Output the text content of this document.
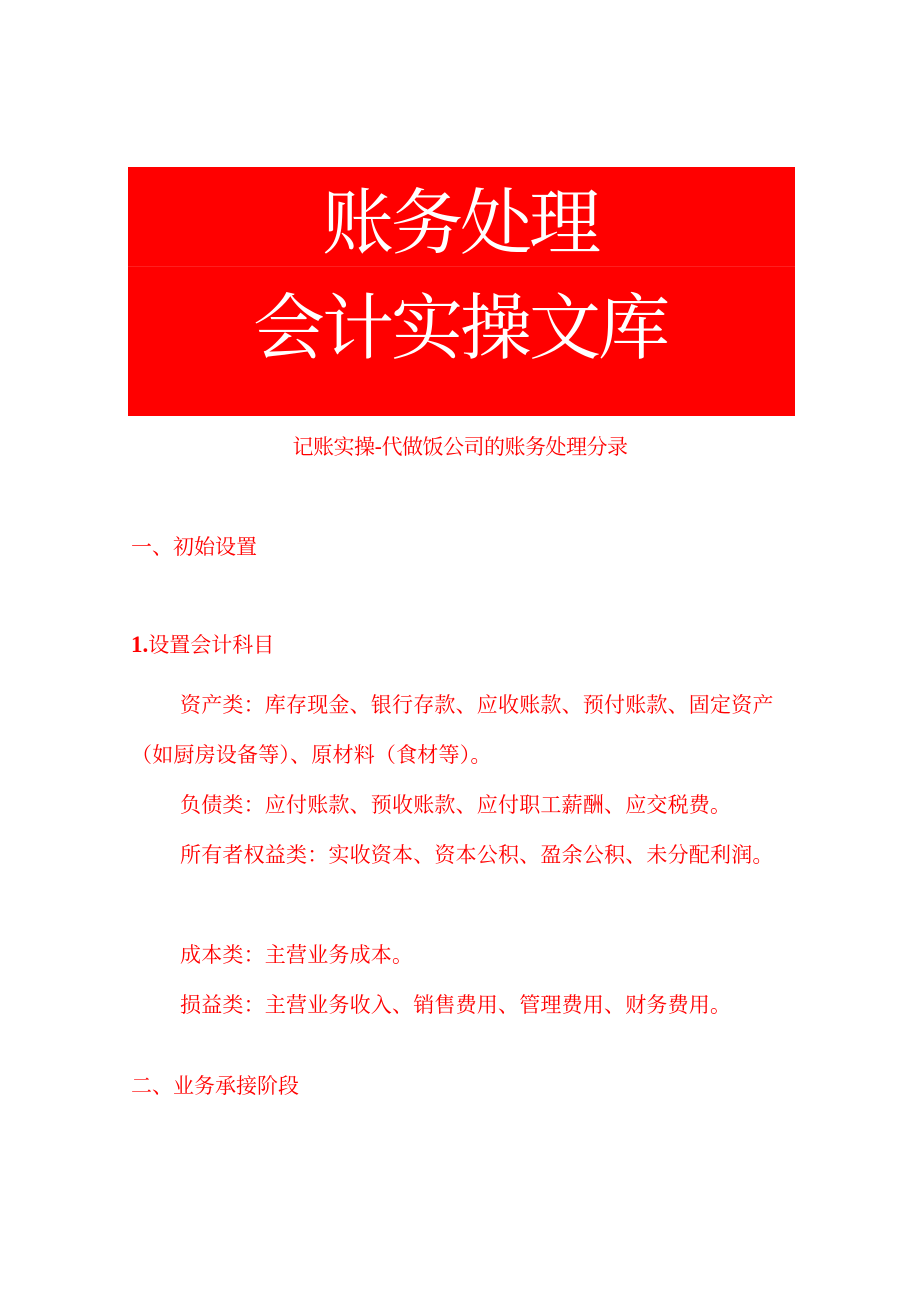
账务处理
会计实操文库
记账实操-代做饭公司的账务处理分录
一、初始设置
1.设置会计科目
资产类：库存现金、银行存款、应收账款、预付账款、固定资产（如厨房设备等）、原材料（食材等）。
负债类：应付账款、预收账款、应付职工薪酬、应交税费。
所有者权益类：实收资本、资本公积、盈余公积、未分配利润。
成本类：主营业务成本。
损益类：主营业务收入、销售费用、管理费用、财务费用。
二、业务承接阶段
